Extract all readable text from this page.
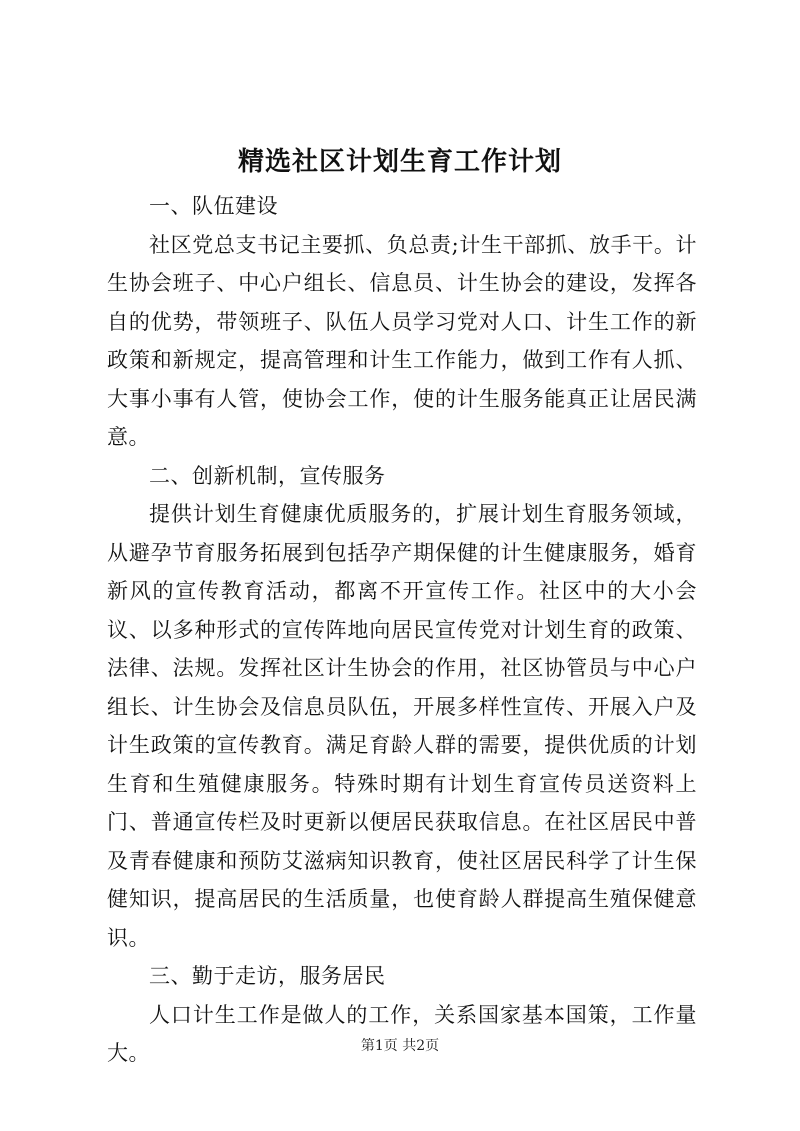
精选社区计划生育工作计划

一、队伍建设

社区党总支书记主要抓、负总责;计生干部抓、放手干。计生协会班子、中心户组长、信息员、计生协会的建设，发挥各自的优势，带领班子、队伍人员学习党对人口、计生工作的新政策和新规定，提高管理和计生工作能力，做到工作有人抓、大事小事有人管，使协会工作，使的计生服务能真正让居民满意。

二、创新机制，宣传服务

提供计划生育健康优质服务的，扩展计划生育服务领域，从避孕节育服务拓展到包括孕产期保健的计生健康服务，婚育新风的宣传教育活动，都离不开宣传工作。社区中的大小会议、以多种形式的宣传阵地向居民宣传党对计划生育的政策、法律、法规。发挥社区计生协会的作用，社区协管员与中心户组长、计生协会及信息员队伍，开展多样性宣传、开展入户及计生政策的宣传教育。满足育龄人群的需要，提供优质的计划生育和生殖健康服务。特殊时期有计划生育宣传员送资料上门、普通宣传栏及时更新以便居民获取信息。在社区居民中普及青春健康和预防艾滋病知识教育，使社区居民科学了计生保健知识，提高居民的生活质量，也使育龄人群提高生殖保健意识。

三、勤于走访，服务居民

人口计生工作是做人的工作，关系国家基本国策，工作量大。	第1页 共2页
